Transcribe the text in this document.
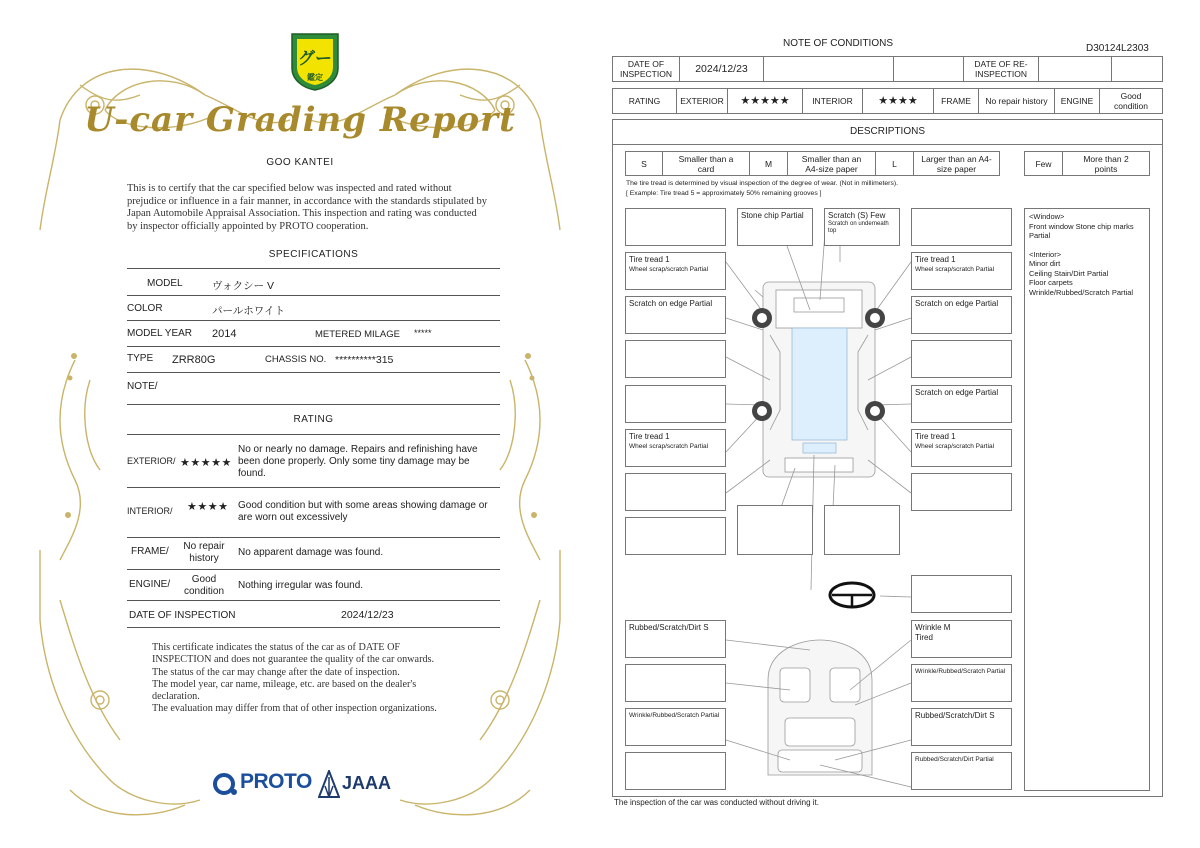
グー
鑑定
U-car Grading Report
GOO KANTEI
This is to certify that the car specified below was inspected and rated without prejudice or influence in a fair manner, in accordance with the standards stipulated by Japan Automobile Appraisal Association. This inspection and rating was conducted by inspector officially appointed by PROTO cooperation.
SPECIFICATIONS
MODEL	ヴォクシー V
COLOR	パールホワイト
MODEL YEAR 2014	METERED MILAGE *****
TYPE ZRR80G	CHASSIS NO. **********315
NOTE/
RATING
EXTERIOR/ ★★★★★
No or nearly no damage. Repairs and refinishing have been done properly. Only some tiny damage may be found.
INTERIOR/ ★★★★ Good condition but with some areas showing damage or are worn out excessively
FRAME/	No repair history
No apparent damage was found.
ENGINE/	Good condition
Nothing irregular was found.
DATE OF INSPECTION	2024/12/23
This certificate indicates the status of the car as of DATE OF
INSPECTION and does not guarantee the quality of the car onwards.
The status of the car may change after the date of inspection.
The model year, car name, mileage, etc. are based on the dealer's
declaration.
The evaluation may differ from that of other inspection organizations.
PROTO JAAA
NOTE OF CONDITIONS	D30124L2303
DATE OF INSPECTION	2024/12/23	DATE OF RE-INSPECTION
RATING	EXTERIOR	★★★★★	INTERIOR	★★★★	FRAME	No repair history	ENGINE	Good condition
DESCRIPTIONS
S	Smaller than a card	M	Smaller than an A4-size paper	L	Larger than an A4-size paper	Few	More than 2 points
The tire tread is determined by visual inspection of the degree of wear. (Not in millimeters).
[ Example: Tire tread 5 = approximately 50% remaining grooves ]
Tire tread 1
Wheel scrap/scratch Partial
Scratch on edge Partial
Tire tread 1
Wheel scrap/scratch Partial
Stone chip Partial	Scratch (S) Few
Scratch on underneath top
Tire tread 1
Wheel scrap/scratch Partial
Scratch on edge Partial
Scratch on edge Partial
Tire tread 1
Wheel scrap/scratch Partial
Rubbed/Scratch/Dirt S
Wrinkle/Rubbed/Scratch Partial
Wrinkle M
Tired
Wrinkle/Rubbed/Scratch Partial
Rubbed/Scratch/Dirt S
Rubbed/Scratch/Dirt Partial
<Window>
Front window Stone chip marks Partial
<Interior>
Minor dirt
Ceiling Stain/Dirt Partial
Floor carpets
Wrinkle/Rubbed/Scratch Partial
The inspection of the car was conducted without driving it.
